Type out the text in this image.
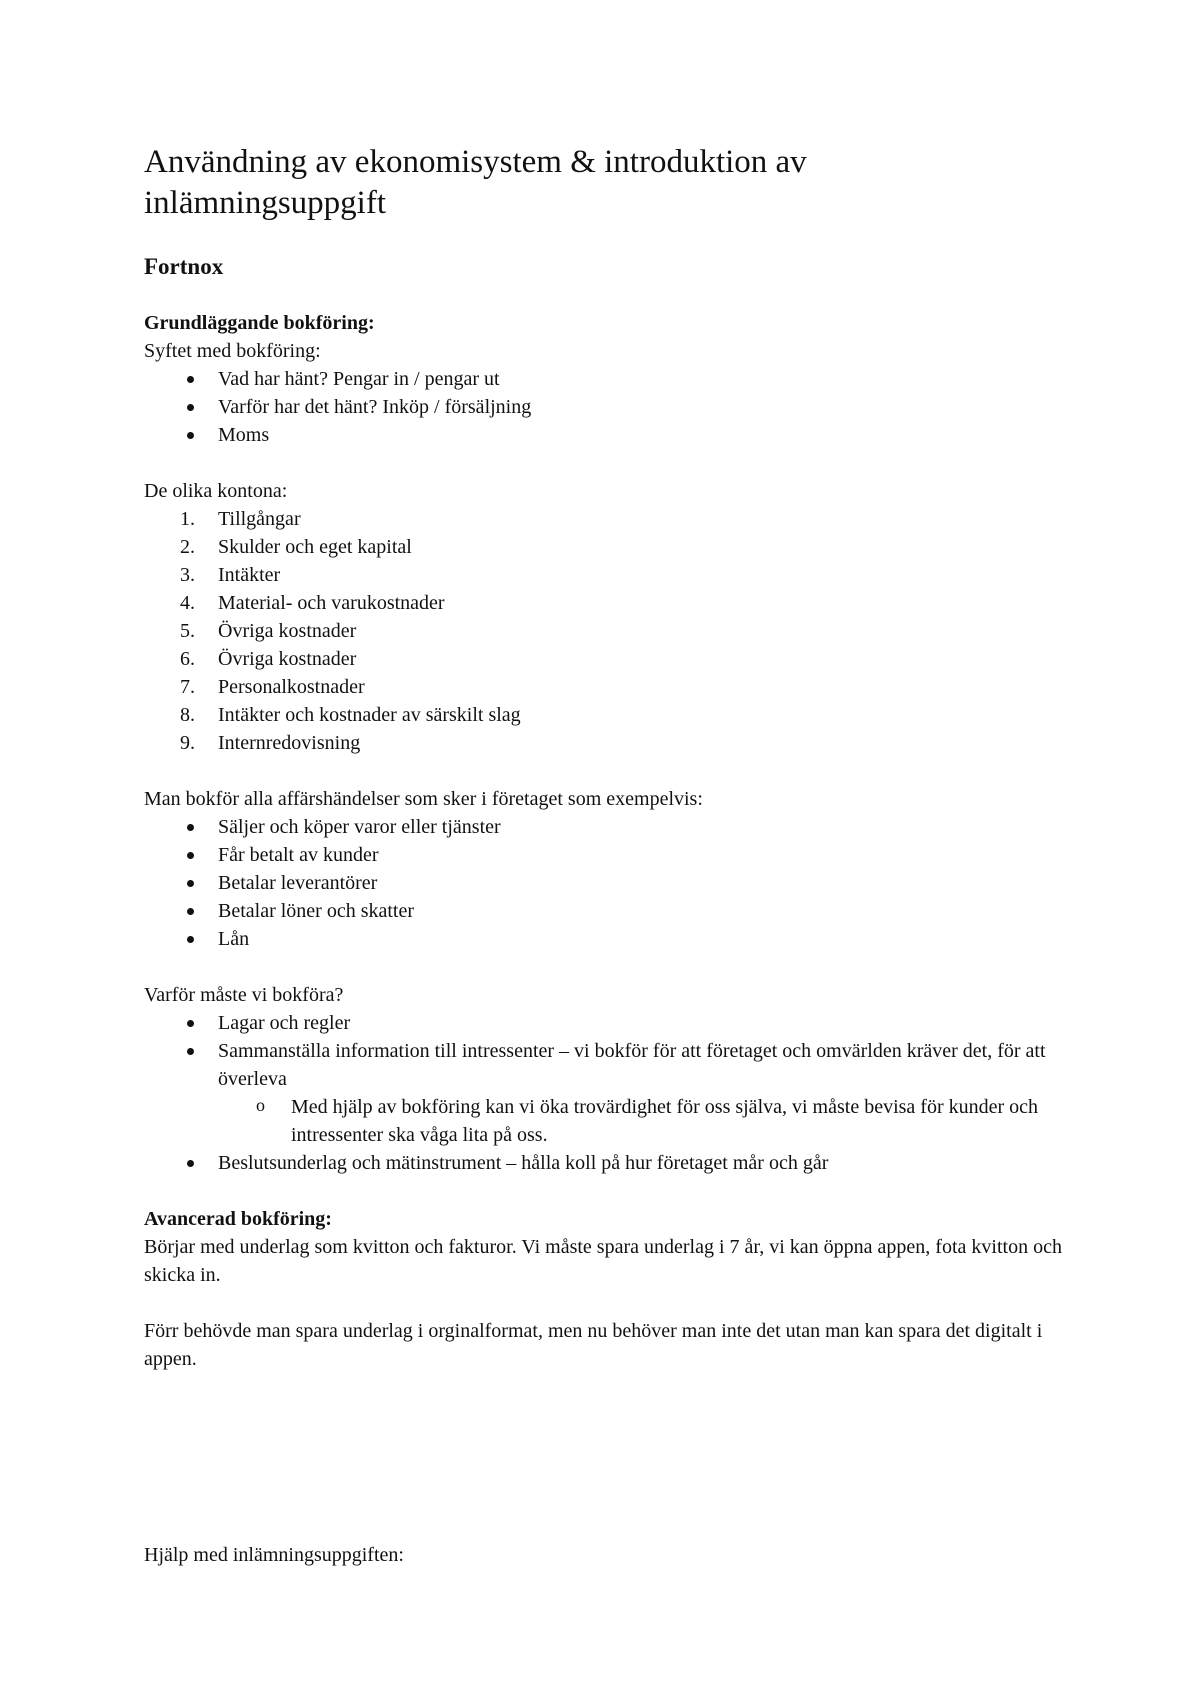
Användning av ekonomisystem & introduktion av inlämningsuppgift

Fortnox

Grundläggande bokföring:

Syftet med bokföring:

Vad har hänt? Pengar in / pengar ut
Varför har det hänt? Inköp / försäljning
Moms

De olika kontona:

1.	Tillgångar
2.	Skulder och eget kapital
3.	Intäkter
4.	Material- och varukostnader
5.	Övriga kostnader
6.	Övriga kostnader
7.	Personalkostnader
8.	Intäkter och kostnader av särskilt slag
9.	Internredovisning

Man bokför alla affärshändelser som sker i företaget som exempelvis:

Säljer och köper varor eller tjänster
Får betalt av kunder
Betalar leverantörer
Betalar löner och skatter
Lån

Varför måste vi bokföra?

Lagar och regler
Sammanställa information till intressenter – vi bokför för att företaget och omvärlden kräver det, för att överleva
o Med hjälp av bokföring kan vi öka trovärdighet för oss själva, vi måste bevisa för kunder och intressenter ska våga lita på oss.
Beslutsunderlag och mätinstrument – hålla koll på hur företaget mår och går

Avancerad bokföring:

Börjar med underlag som kvitton och fakturor. Vi måste spara underlag i 7 år, vi kan öppna appen, fota kvitton och skicka in.

Förr behövde man spara underlag i orginalformat, men nu behöver man inte det utan man kan spara det digitalt i appen.

Hjälp med inlämningsuppgiften:
